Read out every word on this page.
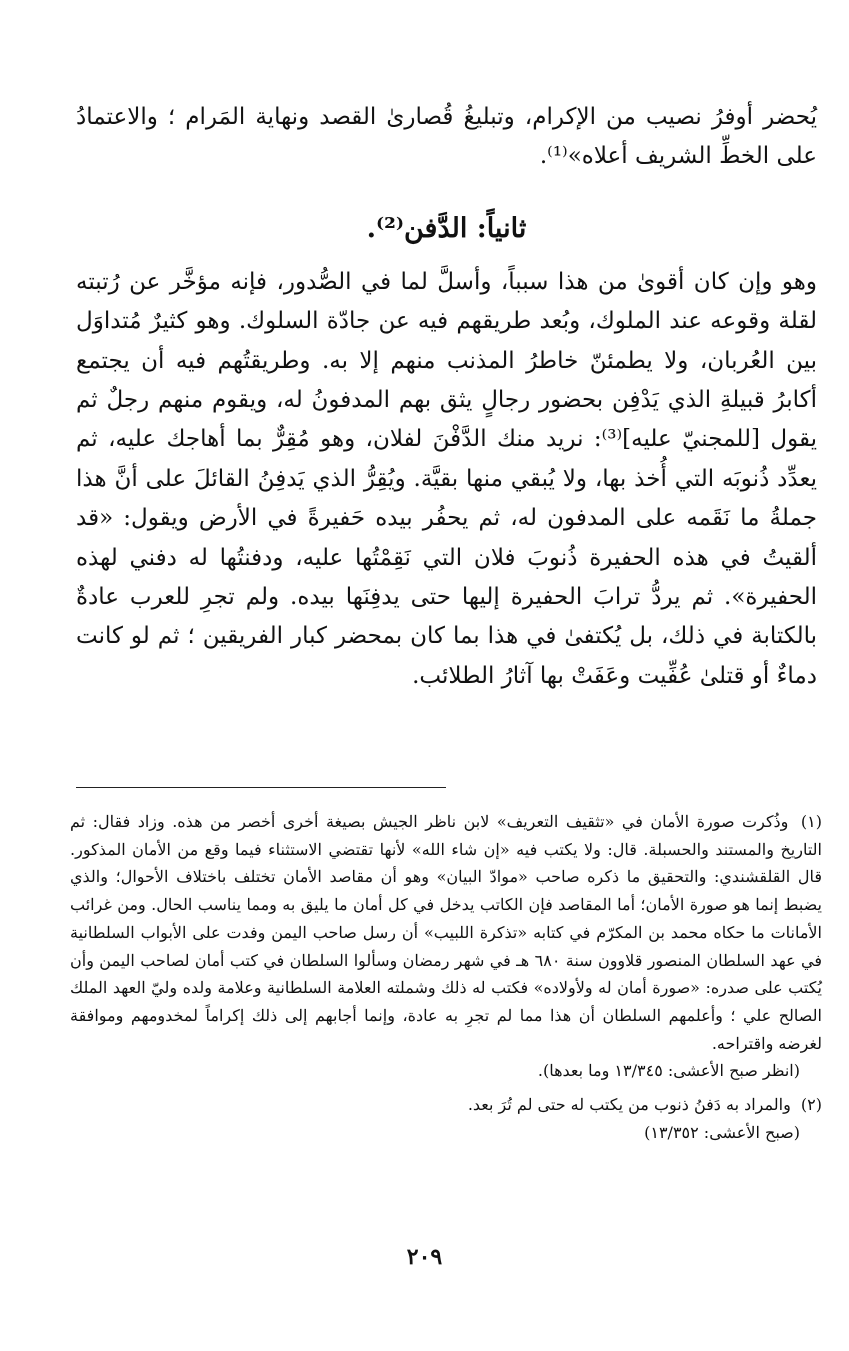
يُحضر أوفرُ نصيب من الإكرام، وتبليغُ قُصارىٰ القصد ونهاية المَرام ؛ والاعتمادُ على الخطِّ الشريف أعلاه»⁽¹⁾.

ثانياً: الدَّفن⁽²⁾.

وهو وإن كان أقوىٰ من هذا سبباً، وأسلَّ لما في الصُّدور، فإنه مؤخَّر عن رُتبته لقلة وقوعه عند الملوك، وبُعد طريقهم فيه عن جادّة السلوك. وهو كثيرٌ مُتداوَل بين العُربان، ولا يطمئنّ خاطرُ المذنب منهم إلا به. وطريقتُهم فيه أن يجتمع أكابرُ قبيلةِ الذي يَدْفِن بحضور رجالٍ يثق بهم المدفونُ له، ويقوم منهم رجلٌ ثم يقول [للمجنيّ عليه]⁽³⁾: نريد منك الدَّفْنَ لفلان، وهو مُقِرٌّ بما أهاجك عليه، ثم يعدِّد ذُنوبَه التي أُخذ بها، ولا يُبقي منها بقيَّة. ويُقِرُّ الذي يَدفِنُ القائلَ على أنَّ هذا جملةُ ما نَقَمه على المدفون له، ثم يحفُر بيده حَفيرةً في الأرض ويقول: «قد ألقيتُ في هذه الحفيرة ذُنوبَ فلان التي نَقِمْتُها عليه، ودفنتُها له دفني لهذه الحفيرة». ثم يردُّ ترابَ الحفيرة إليها حتى يدفِنَها بيده. ولم تجرِ للعرب عادةٌ بالكتابة في ذلك، بل يُكتفىٰ في هذا بما كان بمحضر كبار الفريقين ؛ ثم لو كانت دماءٌ أو قتلىٰ عُفِّيت وعَفَتْ بها آثارُ الطلائب.

(١) وذُكرت صورة الأمان في «تثقيف التعريف» لابن ناظر الجيش بصيغة أخرى أخصر من هذه. وزاد فقال: ثم التاريخ والمستند والحسبلة. قال: ولا يكتب فيه «إن شاء الله» لأنها تقتضي الاستثناء فيما وقع من الأمان المذكور. قال القلقشندي: والتحقيق ما ذكره صاحب «موادّ البيان» وهو أن مقاصد الأمان تختلف باختلاف الأحوال؛ والذي يضبط إنما هو صورة الأمان؛ أما المقاصد فإن الكاتب يدخل في كل أمان ما يليق به ومما يناسب الحال. ومن غرائب الأمانات ما حكاه محمد بن المكرّم في كتابه «تذكرة اللبيب» أن رسل صاحب اليمن وفدت على الأبواب السلطانية في عهد السلطان المنصور قلاوون سنة ٦٨٠ هـ في شهر رمضان وسألوا السلطان في كتب أمان لصاحب اليمن وأن يُكتب على صدره: «صورة أمان له ولأولاده» فكتب له ذلك وشملته العلامة السلطانية وعلامة ولده وليّ العهد الملك الصالح علي ؛ وأعلمهم السلطان أن هذا مما لم تجرِ به عادة، وإنما أجابهم إلى ذلك إكراماً لمخدومهم وموافقة لغرضه واقتراحه.
(انظر صبح الأعشى: ١٣/٣٤٥ وما بعدها).

(٢) والمراد به دَفنُ ذنوب من يكتب له حتى لم تُرَ بعد.
(صبح الأعشى: ١٣/٣٥٢)

٢٠٩
